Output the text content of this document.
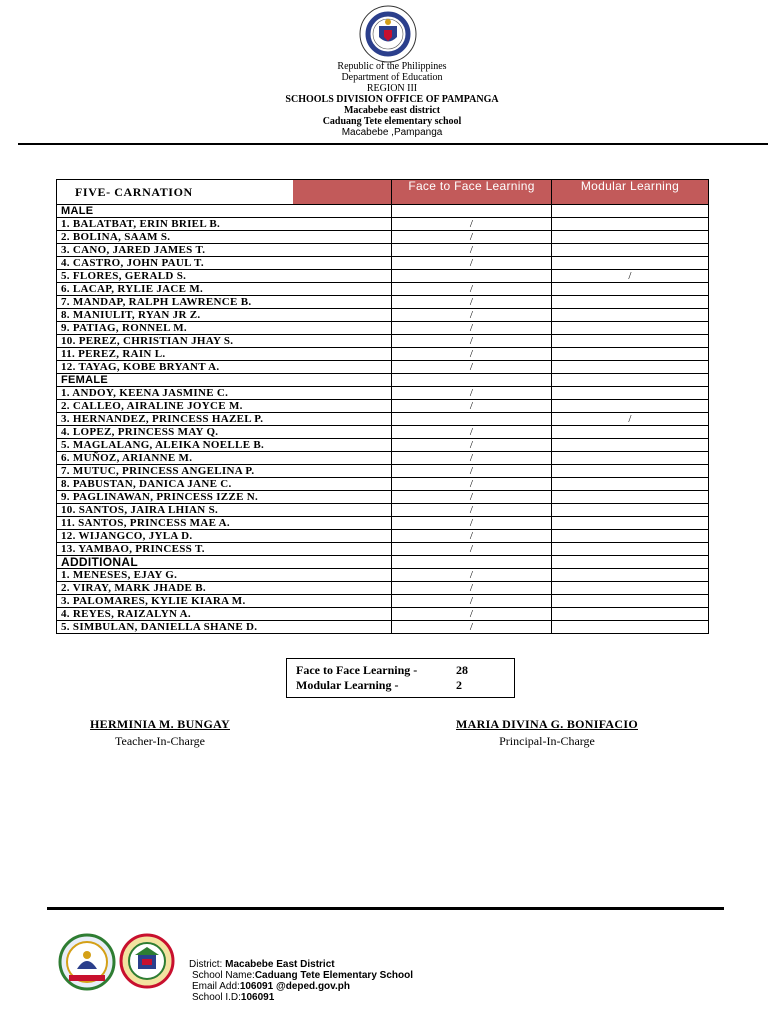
Republic of the Philippines
Department of Education
REGION III
SCHOOLS DIVISION OFFICE OF PAMPANGA
Macabebe east district
Caduang Tete elementary school
Macabebe ,Pampanga
FIVE- CARNATION	Face to Face Learning	Modular Learning
MALE		
1. BALATBAT, ERIN BRIEL B.	/	
2. BOLINA, SAAM S.	/	
3. CANO, JARED JAMES T.	/	
4. CASTRO, JOHN PAUL T.	/	
5. FLORES, GERALD S.		/
6. LACAP, RYLIE JACE M.	/	
7. MANDAP, RALPH LAWRENCE B.	/	
8. MANIULIT, RYAN JR Z.	/	
9. PATIAG, RONNEL M.	/	
10. PEREZ, CHRISTIAN JHAY S.	/	
11. PEREZ, RAIN L.	/	
12. TAYAG, KOBE BRYANT A.	/	
FEMALE		
1. ANDOY, KEENA JASMINE C.	/	
2. CALLEO, AIRALINE JOYCE M.	/	
3. HERNANDEZ, PRINCESS HAZEL P.		/
4. LOPEZ, PRINCESS MAY Q.	/	
5. MAGLALANG, ALEIKA NOELLE B.	/	
6. MUÑOZ, ARIANNE M.	/	
7. MUTUC, PRINCESS ANGELINA P.	/	
8. PABUSTAN, DANICA JANE C.	/	
9. PAGLINAWAN, PRINCESS IZZE N.	/	
10. SANTOS, JAIRA LHIAN S.	/	
11. SANTOS, PRINCESS MAE A.	/	
12. WIJANGCO, JYLA D.	/	
13. YAMBAO, PRINCESS T.	/	
ADDITIONAL		
1. MENESES, EJAY G.	/	
2. VIRAY, MARK JHADE B.	/	
3. PALOMARES, KYLIE KIARA M.	/	
4. REYES, RAIZALYN A.	/	
5. SIMBULAN, DANIELLA SHANE D.	/	
Face to Face Learning -	28
Modular Learning -	2
HERMINIA M. BUNGAY
Teacher-In-Charge
MARIA DIVINA G. BONIFACIO
Principal-In-Charge
District: Macabebe East District
School Name:Caduang Tete Elementary School
Email Add:106091 @deped.gov.ph
School I.D:106091
